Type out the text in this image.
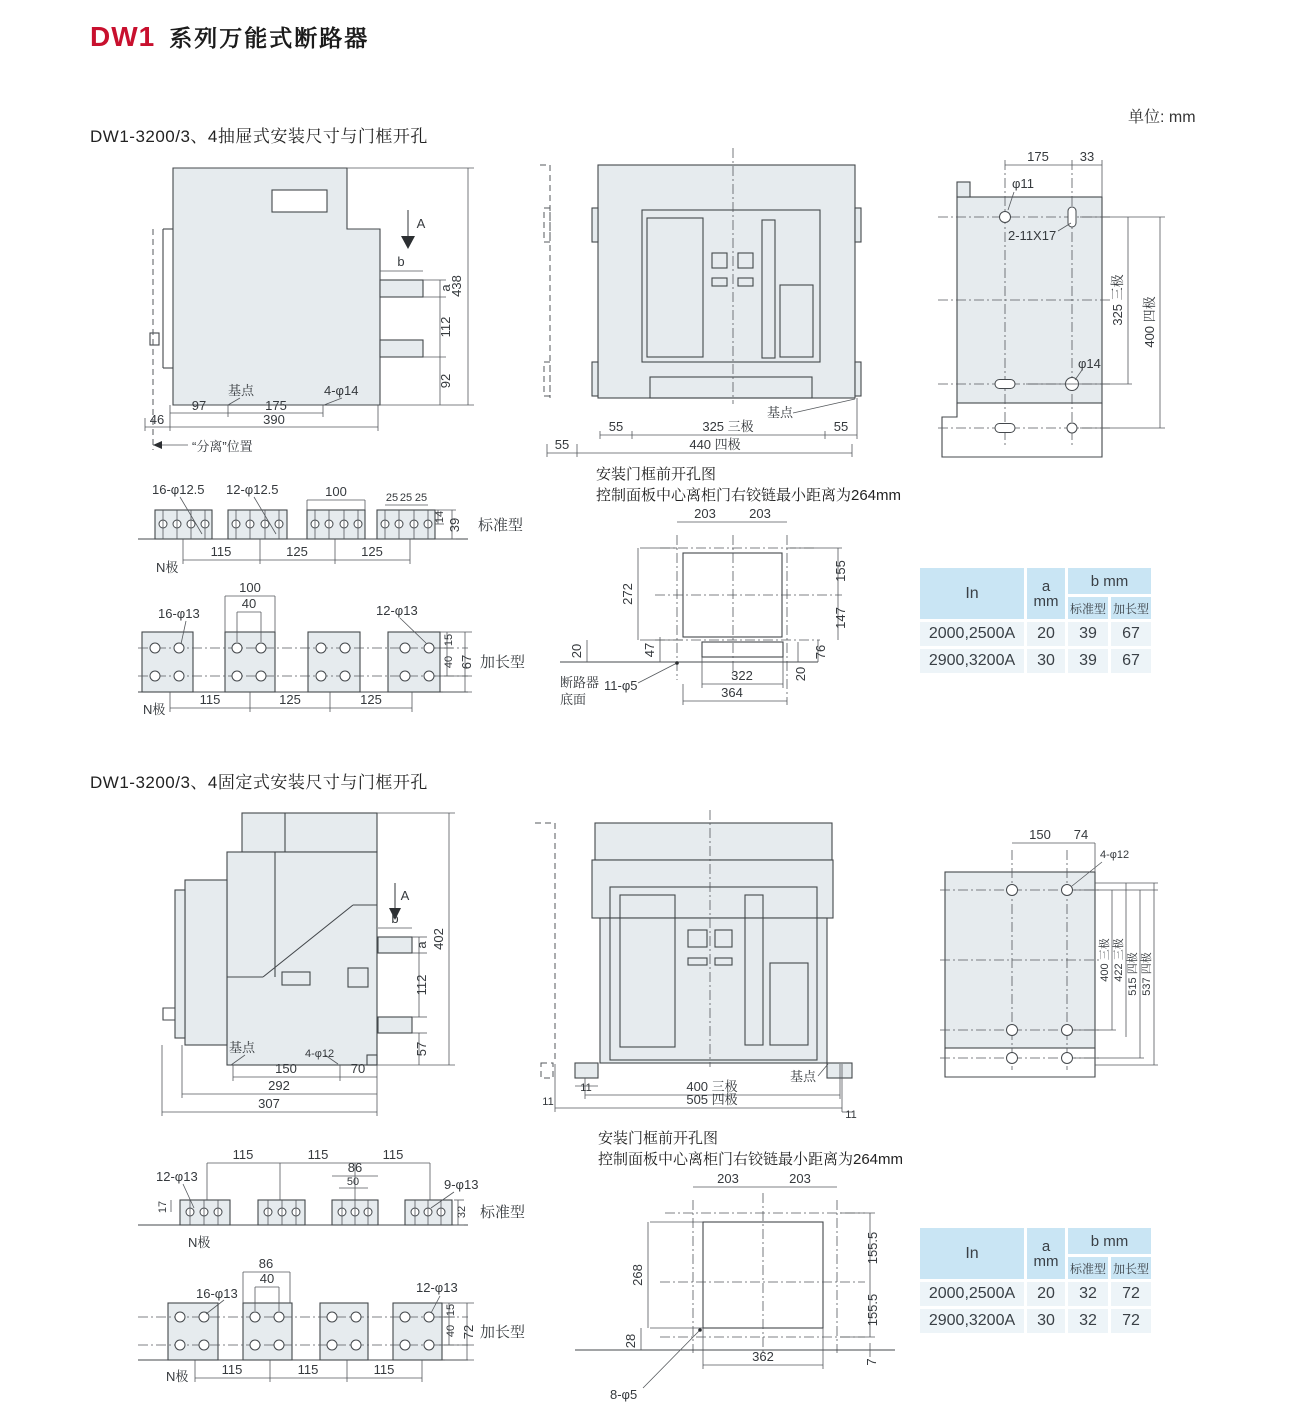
DW1 系列万能式断路器
单位: mm
DW1-3200/3、4抽屉式安装尺寸与门框开孔
A
b
a
112
92
438
基点	4-φ14
97	175
46	390
“分离”位置
基点
55	325 三极	55
55	440 四极
175 33
φ11
2-11X17
φ14
325 三极 400 四极
16-φ12.5 12-φ12.5	100	25 25 25
14
39 标准型
N极
115	125	125
100
40
16-φ13	12-φ13
15
40 67 加长型
N极
115	125	125
安装门框前开孔图
控制面板中心离柜门右铰链最小距离为264mm
203	203
272
20	47
155
147
76
20
322
364
断路器
底面
11-φ5
In	a
mm
b mm
标准型 加长型
2000,2500A	20	39	67
2900,3200A	30	39	67
DW1-3200/3、4固定式安装尺寸与门框开孔
A
b
a
112
57
402
基点	4-φ12
150	70
292
307
基点
11	400 三极
505 四极
11
11
150 74
4-φ12
400 三极 422 三极 515 四极 537 四极
安装门框前开孔图
控制面板中心离柜门右铰链最小距离为264mm
115	115	115
12-φ13
86
50	9-φ13
17	32 标准型
N极
86
40
16-φ13	12-φ13
15
40 72 加长型
N极	115	115	115
203	203
268
28
155.5
155.5
7
362
8-φ5
In	a
mm
b mm
标准型 加长型
2000,2500A	20	32	72
2900,3200A	30	32	72
